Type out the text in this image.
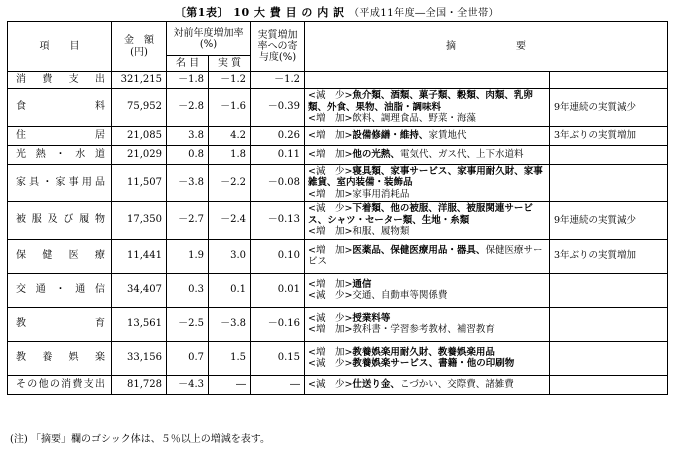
〔第1表〕 10 大 費 目 の 内 訳 （平成11年度―全国・全世帯）
項　　目	金　額
(円)	対前年度増加率(%)		実質増加率への寄与度(%)	摘　　　　　　要	
		名 目	実 質			
消費支出	321,215	－1.8	－1.2	－1.2		
食料	75,952	－2.8	－1.6	－0.39	<減　少>魚介類、酒類、菓子類、穀類、肉類、乳卵類、外食、果物、油脂・調味料
<増　加>飲料、調理食品、野菜・海藻	9年連続の実質減少
住居	21,085	3.8	4.2	0.26	<増　加>設備修繕・維持、家賃地代	3年ぶりの実質増加
光熱・水道	21,029	0.8	1.8	0.11	<増　加>他の光熱、電気代、ガス代、上下水道料	

家具・家事用品	11,507	－3.8	－2.2	－0.08	<減　少>寝具類、家事サービス、家事用耐久財、家事雑貨、室内装備・装飾品
<増　加>家事用消耗品	

被服及び履物	17,350	－2.7	－2.4	－0.13	<減　少>下着類、他の被服、洋服、被服関連サービス、シャツ・セーター類、生地・糸類
<増　加>和服、履物類	9年連続の実質減少
保健医療	11,441	1.9	3.0	0.10	<増　加>医薬品、保健医療用品・器具、保健医療サービス	3年ぶりの実質増加
交通・通信	34,407	0.3	0.1	0.01	<増　加>通信
<減　少>交通、自動車等関係費	

教育	13,561	－2.5	－3.8	－0.16	<減　少>授業料等
<増　加>教科書・学習参考教材、補習教育	

教養娯楽	33,156	0.7	1.5	0.15	<増　加>教養娯楽用耐久財、教養娯楽用品
<減　少>教養娯楽サービス、書籍・他の印刷物	

その他の消費支出	81,728	－4.3	―	―	<減　少>仕送り金、こづかい、交際費、諸雑費	

(注) 「摘要」欄のゴシック体は、５％以上の増減を表す。
